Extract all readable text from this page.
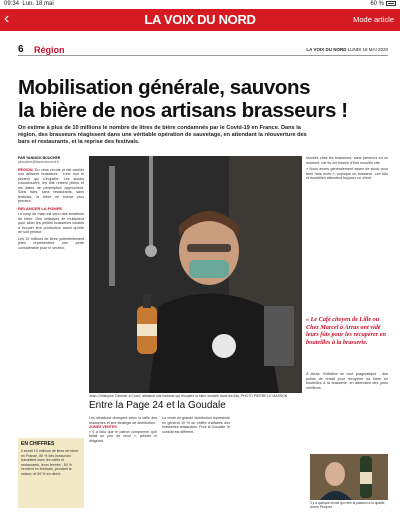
09:34 Lun. 18 mai	60 %
‹	LA VOIX DU NORD	Mode article
6 Région	LA VOIX DU NORD LUNDI 18 MAI 2020
Mobilisation générale, sauvons
la bière de nos artisans brasseurs !
On estime à plus de 10 millions le nombre de litres de bière condamnés par le Covid-19 en France. Dans la région, des brasseurs réagissent dans une véritable opération de sauvetage, en attendant la réouverture des bars et restaurants, et la reprise des festivals.
PAR YANNICK BOUCHER
yboucher@lavoixdunord.fr

RÉGION. Du virus circule et fait vaciller nos artisans brasseurs : c'est tout le secteur qui s'inquiète. Les stocks s'accumulent, les fûts restent pleins et les dates de péremption approchent. Sans bars, sans restaurants, sans festivals, la bière ne trouve plus preneur.

RELANCER LA POMPE

Le coup de main est venu des amateurs de bière. Des initiatives se multiplient pour aider les petites brasseries locales à écouler leur production avant qu'elle ne soit perdue.

Les 10 millions de litres potentiellement jetés représentent une perte considérable pour le secteur.

Jean-Christophe Cambier à Cocuf, artisanal une fontaine qui récupère la bière stockée dans les fûts. PHOTO PIERRE LE MASSON

stockés chez les brasseurs, sans preneurs en ce moment, car ils ont besoin d'être écoulés vite.

« Nous avons généralement assez de stock pour tenir trois mois », explique un brasseur. Les fûts et bouteilles attendent toujours un client.

« Le Café citoyen de Lille ou Chez Marcel à Arras ont vidé leurs fûts pour les récupérer en bouteilles à la brasserie.

À Arras, l'initiative se veut pragmatique : des points de retrait pour récupérer sa bière en bouteilles à la brasserie, en attendant des jours meilleurs.

EN CHIFFRES
Il aurait 10 millions de litres de bière en France, 80 % des brasseurs travaillent avec les cafés et restaurants, leurs fermés ; 50 % vendent en festivals, pendant la saison, et 69 % en direct.
Entre la Page 24 et la Goudale

Les situations divergent selon la taille des brasseries et leur stratégie de distribution.

ZONES VENTES

« Il a fallu que le patron comprenne qu'il fallait un peu de recul », précise le dirigeant.

La vente en grande distribution représente en général 10 % du chiffre d'affaires des brasseries artisanales. Pour la Goudale, le constat est différent.

Il y a quelque chose qui relie la passion à la qualité, André Pecquet.
